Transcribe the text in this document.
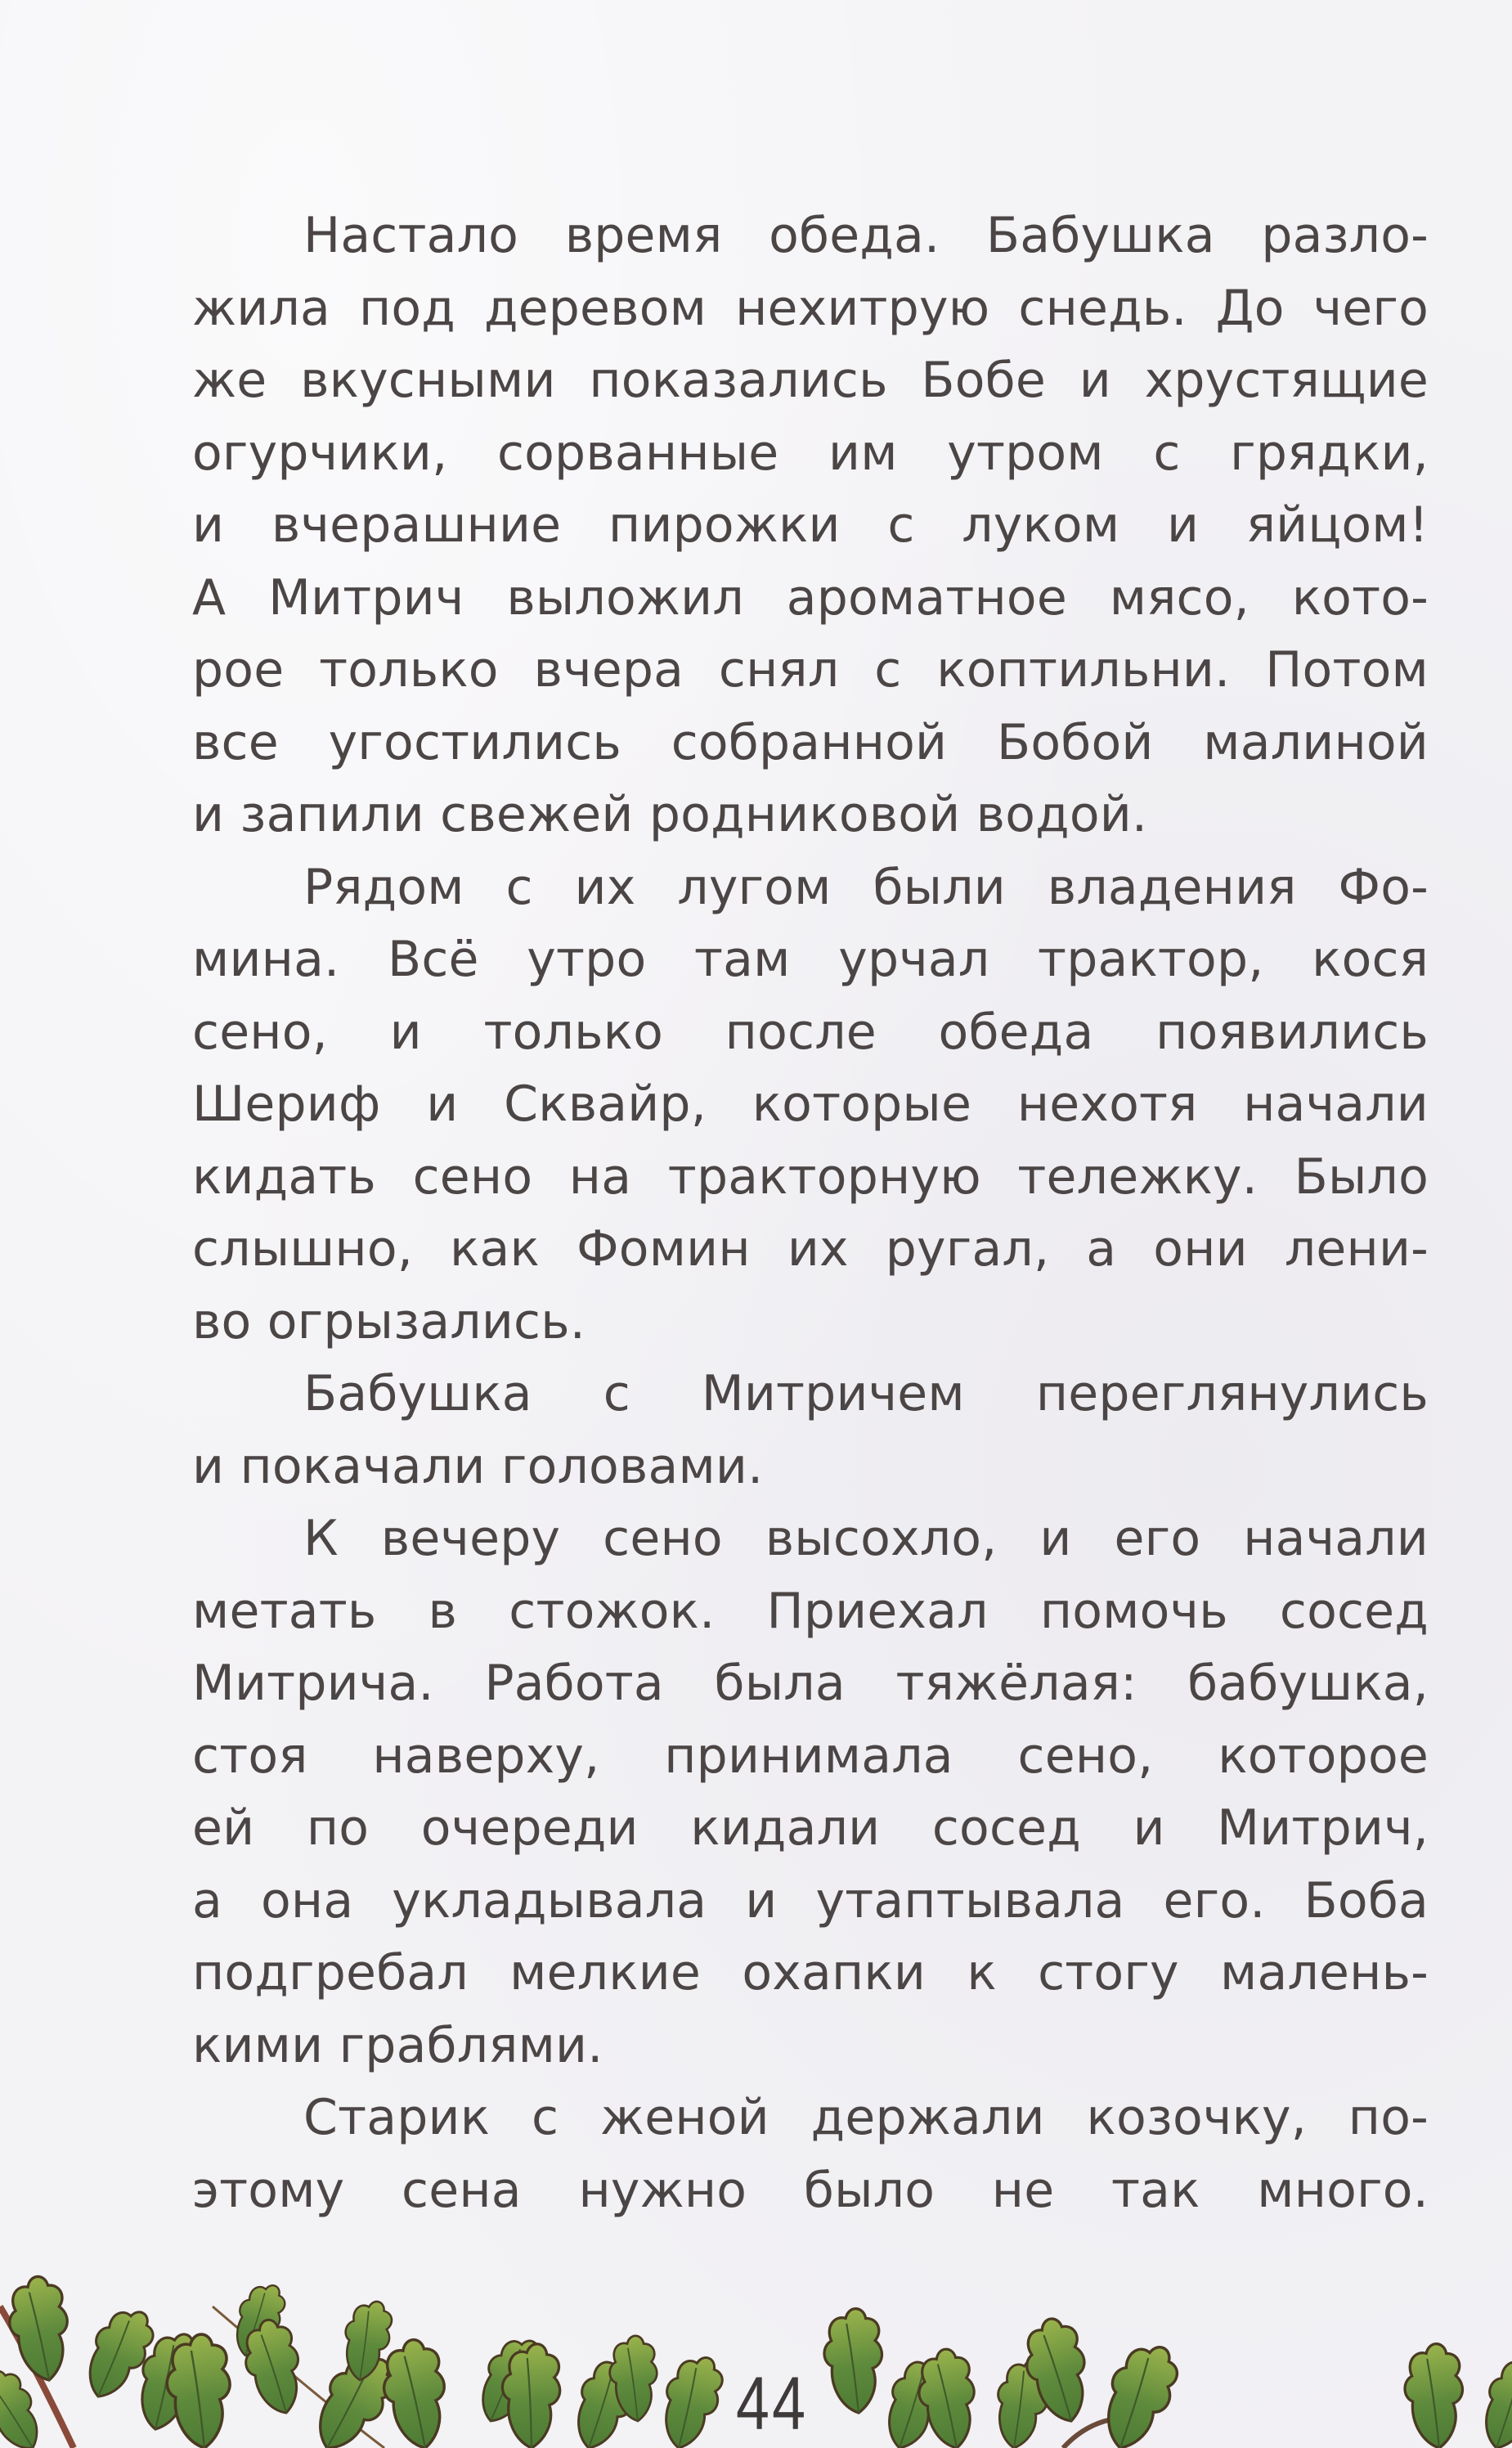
Настало время обеда. Бабушка разло-
жила под деревом нехитрую снедь. До чего
же вкусными показались Бобе и хрустящие
огурчики, сорванные им утром с грядки,
и вчерашние пирожки с луком и яйцом!
А Митрич выложил ароматное мясо, кото-
рое только вчера снял с коптильни. Потом
все угостились собранной Бобой малиной
и запили свежей родниковой водой.
Рядом с их лугом были владения Фо-
мина. Всё утро там урчал трактор, кося
сено, и только после обеда появились
Шериф и Сквайр, которые нехотя начали
кидать сено на тракторную тележку. Было
слышно, как Фомин их ругал, а они лени-
во огрызались.
Бабушка с Митричем переглянулись
и покачали головами.
К вечеру сено высохло, и его начали
метать в стожок. Приехал помочь сосед
Митрича. Работа была тяжёлая: бабушка,
стоя наверху, принимала сено, которое
ей по очереди кидали сосед и Митрич,
а она укладывала и утаптывала его. Боба
подгребал мелкие охапки к стогу малень-
кими граблями.
Старик с женой держали козочку, по-
этому сена нужно было не так много.
44
